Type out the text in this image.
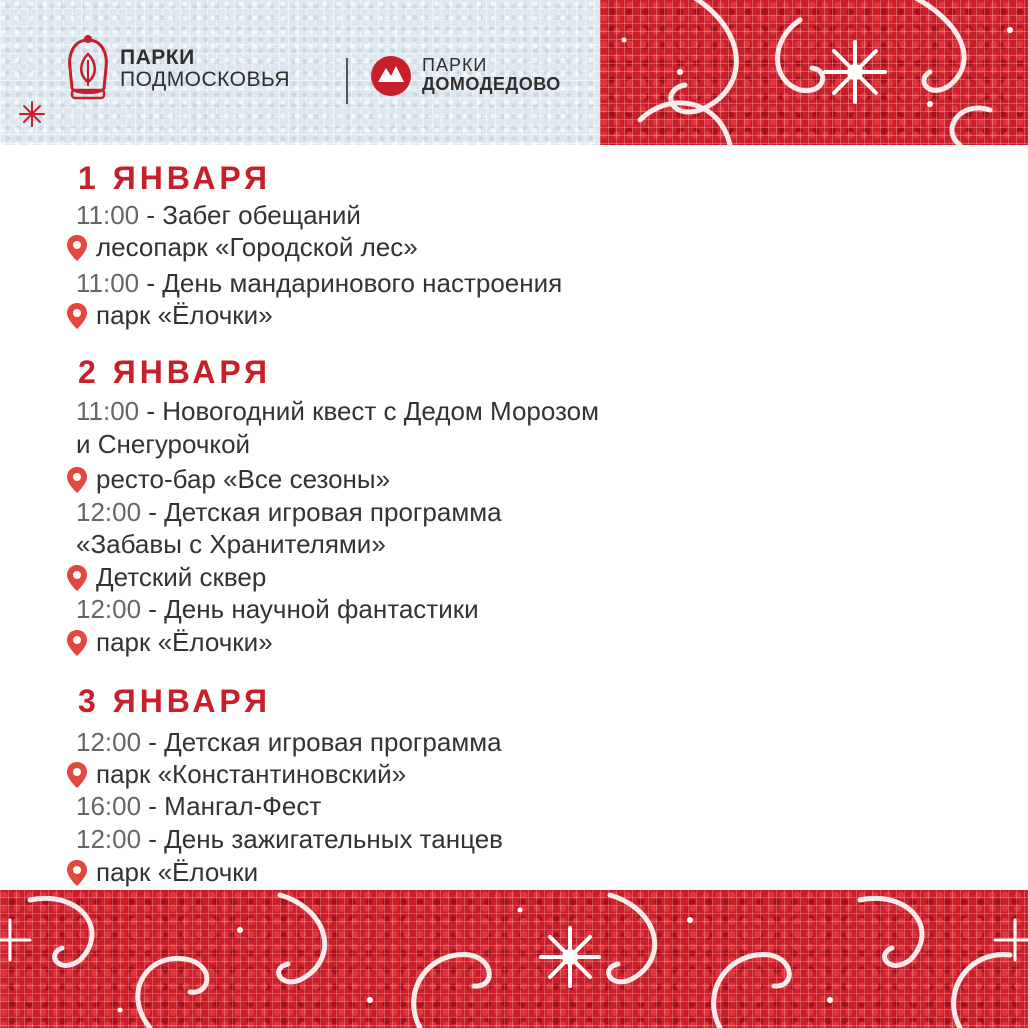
ПАРКИ
ПОДМОСКОВЬЯ
ПАРКИ
ДОМОДЕДОВО
1 ЯНВАРЯ
11:00 - Забег обещаний
лесопарк «Городской лес»
11:00 - День мандаринового настроения
парк «Ёлочки»
2 ЯНВАРЯ
11:00 - Новогодний квест с Дедом Морозом
и Снегурочкой
ресто-бар «Все сезоны»
12:00 - Детская игровая программа
«Забавы с Хранителями»
Детский сквер
12:00 - День научной фантастики
парк «Ёлочки»
3 ЯНВАРЯ
12:00 - Детская игровая программа
парк «Константиновский»
16:00 - Мангал-Фест
12:00 - День зажигательных танцев
парк «Ёлочки
